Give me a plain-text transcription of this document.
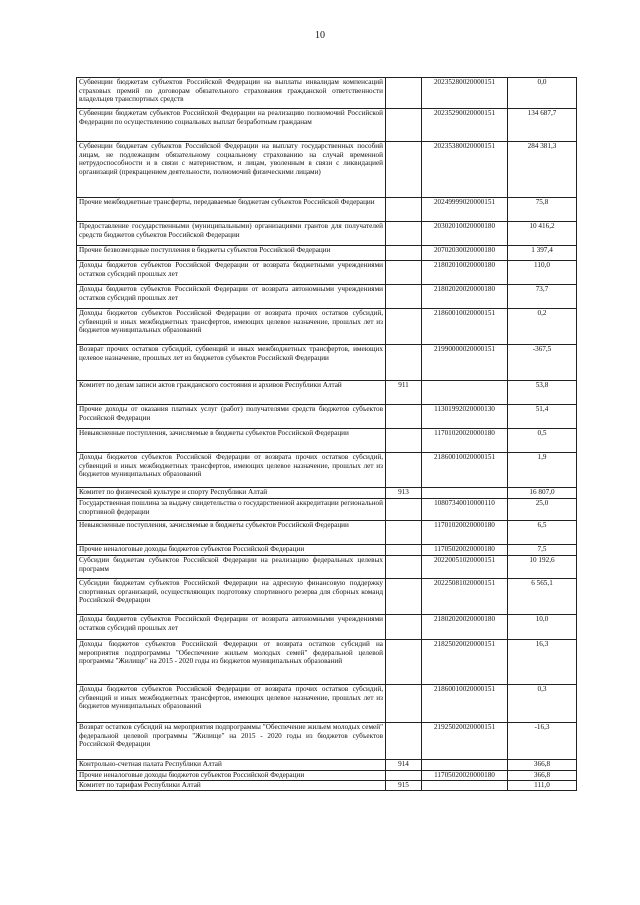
10
Субвенции бюджетам субъектов Российской Федерации на выплаты инвалидам компенсаций страховых премий по договорам обязательного страхования гражданской ответственности владельцев транспортных средств		20235280020000151	0,0
Субвенции бюджетам субъектов Российской Федерации на реализацию полномочий Российской Федерации по осуществлению социальных выплат безработным гражданам		20235290020000151	134 687,7
Субвенции бюджетам субъектов Российской Федерации на выплату государственных пособий лицам, не подлежащим обязательному социальному страхованию на случай временной нетрудоспособности и в связи с материнством, и лицам, уволенным в связи с ликвидацией организаций (прекращением деятельности, полномочий физическими лицами)		20235380020000151	284 381,3
Прочие межбюджетные трансферты, передаваемые бюджетам субъектов Российской Федерации		20249999020000151	75,8
Предоставление государственными (муниципальными) организациями грантов для получателей средств бюджетов субъектов Российской Федерации		20302010020000180	10 416,2
Прочие безвозмездные поступления в бюджеты субъектов Российской Федерации		20702030020000180	1 397,4
Доходы бюджетов субъектов Российской Федерации от возврата бюджетными учреждениями остатков субсидий прошлых лет		21802010020000180	110,0
Доходы бюджетов субъектов Российской Федерации от возврата автономными учреждениями остатков субсидий прошлых лет		21802020020000180	73,7
Доходы бюджетов субъектов Российской Федерации от возврата прочих остатков субсидий, субвенций и иных межбюджетных трансфертов, имеющих целевое назначение, прошлых лет из бюджетов муниципальных образований		21860010020000151	0,2
Возврат прочих остатков субсидий, субвенций и иных межбюджетных трансфертов, имеющих целевое назначение, прошлых лет из бюджетов субъектов Российской Федерации		21990000020000151	-367,5
Комитет по делам записи актов гражданского состояния и архивов Республики Алтай	911		53,8
Прочие доходы от оказания платных услуг (работ) получателями средств бюджетов субъектов Российской Федерации		11301992020000130	51,4
Невыясненные поступления, зачисляемые в бюджеты субъектов Российской Федерации		11701020020000180	0,5
Доходы бюджетов субъектов Российской Федерации от возврата прочих остатков субсидий, субвенций и иных межбюджетных трансфертов, имеющих целевое назначение, прошлых лет из бюджетов муниципальных образований		21860010020000151	1,9
Комитет по физической культуре и спорту Республики Алтай	913		16 807,0
Государственная пошлина за выдачу свидетельства о государственной аккредитации региональной спортивной федерации		10807340010000110	25,0
Невыясненные поступления, зачисляемые в бюджеты субъектов Российской Федерации		11701020020000180	6,5
Прочие неналоговые доходы бюджетов субъектов Российской Федерации		11705020020000180	7,5
Субсидии бюджетам субъектов Российской Федерации на реализацию федеральных целевых программ		20220051020000151	10 192,6
Субсидии бюджетам субъектов Российской Федерации на адресную финансовую поддержку спортивных организаций, осуществляющих подготовку спортивного резерва для сборных команд Российской Федерации		20225081020000151	6 565,1
Доходы бюджетов субъектов Российской Федерации от возврата автономными учреждениями остатков субсидий прошлых лет		21802020020000180	10,0
Доходы бюджетов субъектов Российской Федерации от возврата остатков субсидий на мероприятия подпрограммы "Обеспечение жильем молодых семей" федеральной целевой программы "Жилище" на 2015 - 2020 годы из бюджетов муниципальных образований		21825020020000151	16,3
Доходы бюджетов субъектов Российской Федерации от возврата прочих остатков субсидий, субвенций и иных межбюджетных трансфертов, имеющих целевое назначение, прошлых лет из бюджетов муниципальных образований		21860010020000151	0,3
Возврат остатков субсидий на мероприятия подпрограммы "Обеспечение жильем молодых семей" федеральной целевой программы "Жилище" на 2015 - 2020 годы из бюджетов субъектов Российской Федерации		21925020020000151	-16,3
Контрольно-счетная палата Республики Алтай	914		366,8
Прочие неналоговые доходы бюджетов субъектов Российской Федерации		11705020020000180	366,8
Комитет по тарифам Республики Алтай	915		111,0
